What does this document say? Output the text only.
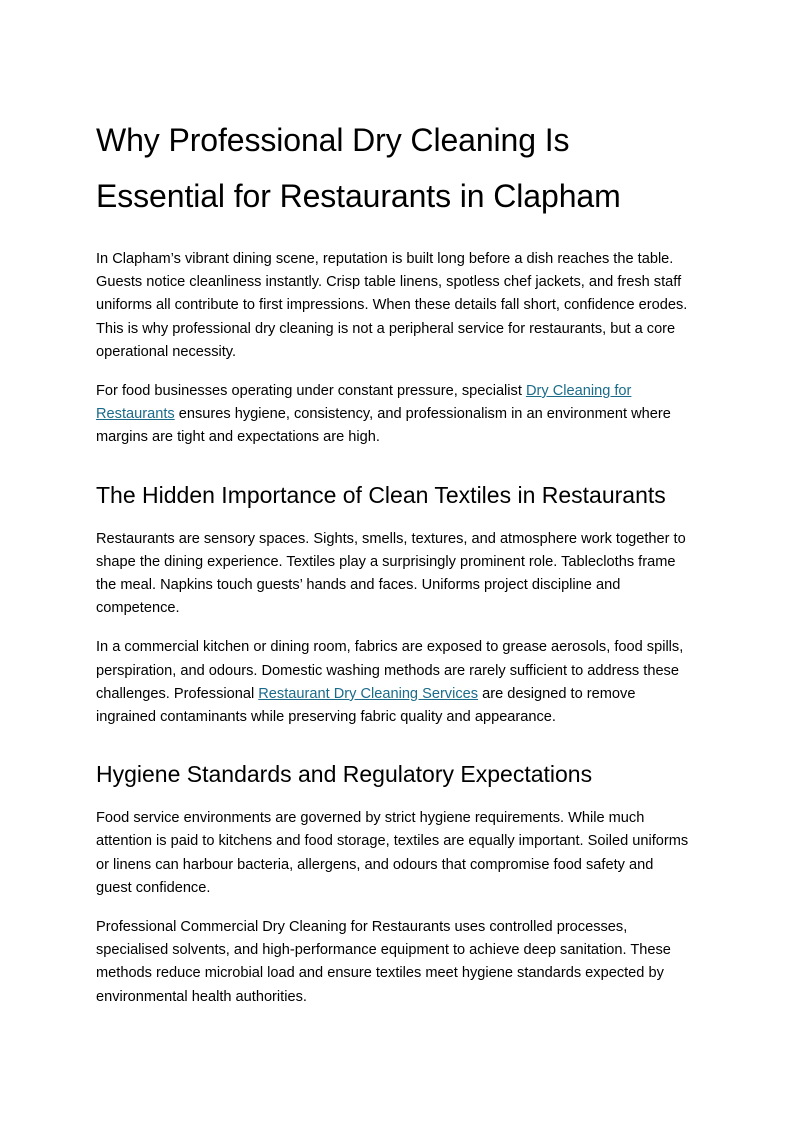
Why Professional Dry Cleaning Is Essential for Restaurants in Clapham

In Clapham’s vibrant dining scene, reputation is built long before a dish reaches the table. Guests notice cleanliness instantly. Crisp table linens, spotless chef jackets, and fresh staff uniforms all contribute to first impressions. When these details fall short, confidence erodes. This is why professional dry cleaning is not a peripheral service for restaurants, but a core operational necessity.

For food businesses operating under constant pressure, specialist Dry Cleaning for Restaurants ensures hygiene, consistency, and professionalism in an environment where margins are tight and expectations are high.

The Hidden Importance of Clean Textiles in Restaurants

Restaurants are sensory spaces. Sights, smells, textures, and atmosphere work together to shape the dining experience. Textiles play a surprisingly prominent role. Tablecloths frame the meal. Napkins touch guests’ hands and faces. Uniforms project discipline and competence.

In a commercial kitchen or dining room, fabrics are exposed to grease aerosols, food spills, perspiration, and odours. Domestic washing methods are rarely sufficient to address these challenges. Professional Restaurant Dry Cleaning Services are designed to remove ingrained contaminants while preserving fabric quality and appearance.

Hygiene Standards and Regulatory Expectations

Food service environments are governed by strict hygiene requirements. While much attention is paid to kitchens and food storage, textiles are equally important. Soiled uniforms or linens can harbour bacteria, allergens, and odours that compromise food safety and guest confidence.

Professional Commercial Dry Cleaning for Restaurants uses controlled processes, specialised solvents, and high-performance equipment to achieve deep sanitation. These methods reduce microbial load and ensure textiles meet hygiene standards expected by environmental health authorities.
